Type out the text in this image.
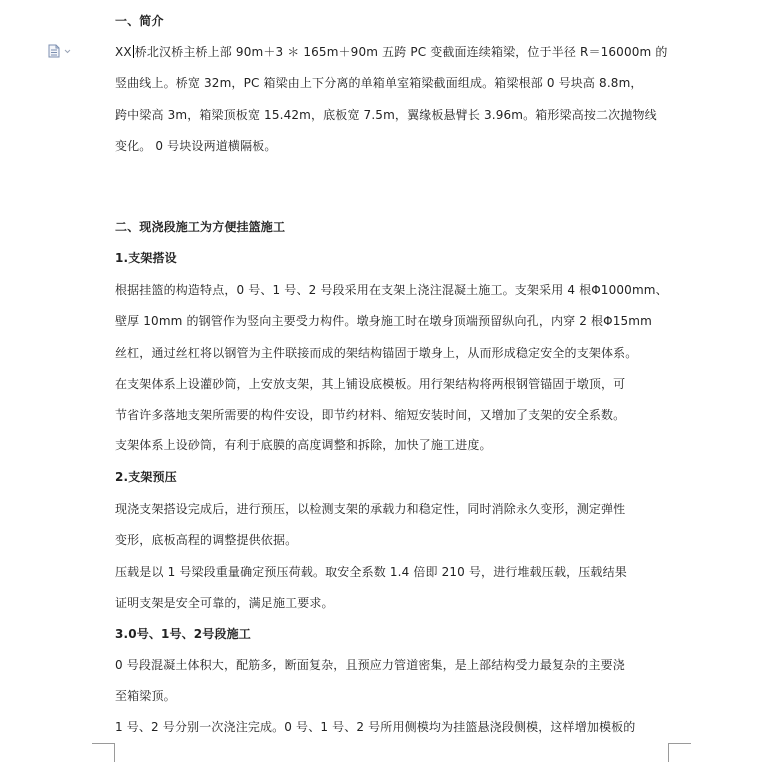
一、简介
XX 桥北汉桥主桥上部 90m＋3 ＊ 165m＋90m 五跨 PC 变截面连续箱梁，位于半径 R＝16000m 的
竖曲线上。桥宽 32m，PC 箱梁由上下分离的单箱单室箱梁截面组成。箱梁根部 0 号块高 8.8m，
跨中梁高 3m，箱梁顶板宽 15.42m，底板宽 7.5m，翼缘板悬臂长 3.96m。箱形梁高按二次抛物线
变化。 0 号块设两道横隔板。
二、现浇段施工为方便挂篮施工
1.支架搭设
根据挂篮的构造特点，0 号、1 号、2 号段采用在支架上浇注混凝土施工。支架采用 4 根Φ1000mm、
壁厚 10mm 的钢管作为竖向主要受力构件。墩身施工时在墩身顶端预留纵向孔，内穿 2 根Φ15mm
丝杠，通过丝杠将以钢管为主件联接而成的架结构锚固于墩身上，从而形成稳定安全的支架体系。
在支架体系上设灌砂筒，上安放支架，其上铺设底模板。用行架结构将两根钢管锚固于墩顶，可
节省许多落地支架所需要的构件安设，即节约材料、缩短安装时间，又增加了支架的安全系数。
支架体系上设砂筒，有利于底膜的高度调整和拆除，加快了施工进度。
2.支架预压
现浇支架搭设完成后，进行预压，以检测支架的承载力和稳定性，同时消除永久变形，测定弹性
变形，底板高程的调整提供依据。
压载是以 1 号梁段重量确定预压荷载。取安全系数 1.4 倍即 210 号，进行堆载压载，压载结果
证明支架是安全可靠的，满足施工要求。
3.0号、1号、2号段施工
0 号段混凝土体积大，配筋多，断面复杂，且预应力管道密集，是上部结构受力最复杂的主要浇
至箱梁顶。
1 号、2 号分别一次浇注完成。0 号、1 号、2 号所用侧模均为挂篮悬浇段侧模，这样增加模板的
